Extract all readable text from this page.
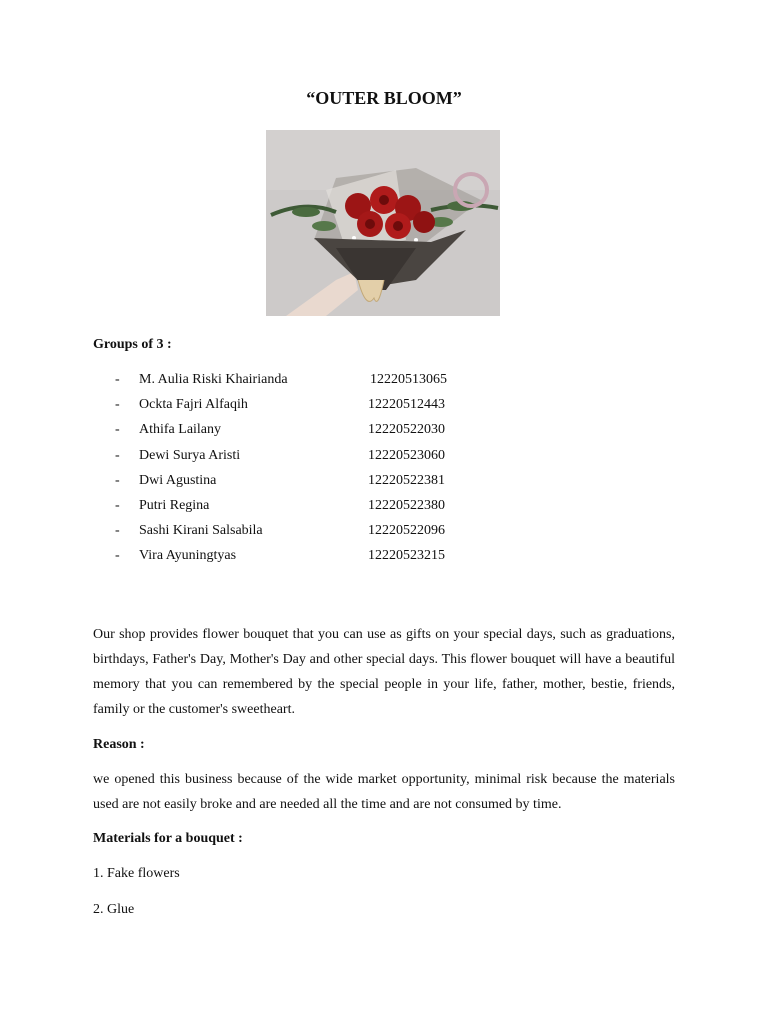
“OUTER BLOOM”
Groups of 3 :
- M. Aulia Riski Khairianda	12220513065
- Ockta Fajri Alfaqih	12220512443
- Athifa Lailany	12220522030
- Dewi Surya Aristi	12220523060
- Dwi Agustina	12220522381
- Putri Regina	12220522380
- Sashi Kirani Salsabila	12220522096
- Vira Ayuningtyas	12220523215

Our shop provides flower bouquet that you can use as gifts on your special days, such as graduations, birthdays, Father's Day, Mother's Day and other special days. This flower bouquet will have a beautiful memory that you can remembered by the special people in your life, father, mother, bestie, friends, family or the customer's sweetheart.

Reason :

we opened this business because of the wide market opportunity, minimal risk because the materials used are not easily broke and are needed all the time and are not consumed by time.

Materials for a bouquet :
1. Fake flowers
2. Glue
